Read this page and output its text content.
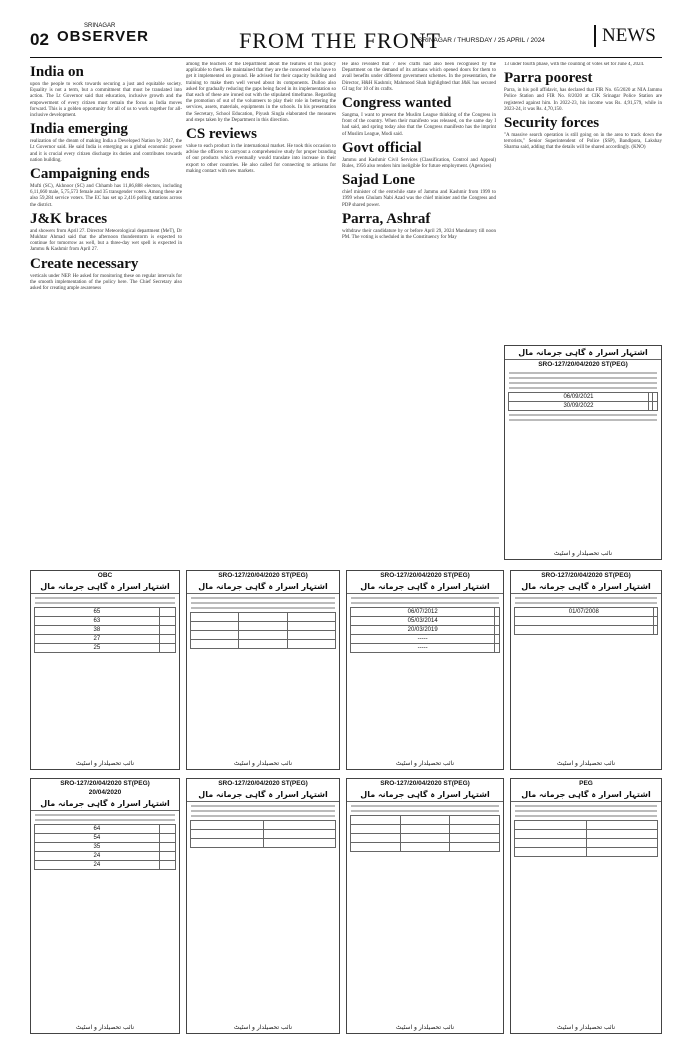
02
SRINAGAR
OBSERVER	FROM THE FRONT
SRINAGAR / THURSDAY / 25 APRIL / 2024	NEWS
India on

upon the people to work towards securing a just and equitable society. Equality is not a term, but a commitment that must be translated into action. The Lt Governor said that education, inclusive growth and the empowerment of every citizen must remain the focus as India moves forward. This is a golden opportunity for all of us to work together for all-inclusive development.

India emerging

realization of the dream of making India a Developed Nation by 2047, the Lt Governor said. He said India is emerging as a global economic power and it is crucial every citizen discharge its duties and contributes towards nation building.

Campaigning ends

Mufti (SC), Akhnoor (SC) and Chhamb has 11,86,888 electors, including 6,11,660 male, 5,75,573 female and 35 transgender voters. Among these are also 59,284 service voters. The EC has set up 2,416 polling stations across the district.

J&K braces

and showers from April 27. Director Meteorological department (MeT), Dr Mukhtar Ahmad said that the afternoon thunderstorm is expected to continue for tomorrow as well, but a three-day wet spell is expected in Jammu & Kashmir from April 27.

Create necessary

verticals under NEP. He asked for monitoring these on regular intervals for the smooth implementation of the policy here. The Chief Secretary also asked for creating ample awareness

among the teachers of the Department about the features of this policy applicable to them. He maintained that they are the concerned who have to get it implemented on ground. He advised for their capacity building and training to make them well versed about its components. Dulloo also asked for gradually reducing the gaps being faced in its implementation so that each of these are ironed out with the stipulated timeframe. Regarding the promotion of out of the volunteers to play their role in bettering the services, assets, materials, equipments in the schools. In his presentation the Secretary, School Education, Piyush Singla elaborated the measures and steps taken by the Department in this direction.

CS reviews

value to each product in the international market. He took this occasion to advise the officers to carryout a comprehensive study for proper branding of our products which eventually would translate into increase in their export to other countries. He also called for connecting to artisans for making contact with new markets.

He also revealed that 7 new crafts had also been recognised by the Department on the demand of its artisans which opened doors for them to avail benefits under different government schemes. In the presentation, the Director, H&H Kashmir, Mahmood Shah highlighted that J&K has secured GI tag for 10 of its crafts.

Congress wanted

Sangma, I want to present the Muslim League thinking of the Congress in front of the country. When their manifesto was released, on the same day I had said, and spring today also that the Congress manifesto has the imprint of Muslim League, Modi said.

Govt official

Jammu and Kashmir Civil Services (Classification, Control and Appeal) Rules, 1956 also renders him ineligible for future employment. (Agencies)

Sajad Lone

chief minister of the erstwhile state of Jammu and Kashmir from 1999 to 1999 when Ghulam Nabi Azad was the chief minister and the Congress and PDP shared power.

Parra, Ashraf

withdraw their candidature by or before April 29, 2024 Mandatory till noon PM. The voting is scheduled in the Constituency for May

13 under fourth phase, with the counting of votes set for June 4, 2024.

Parra poorest

Parra, in his poll affidavit, has declared that FIR No. 65/2020 at NIA Jammu Police Station and FIR No. 8/2020 at CIK Srinagar Police Station are registered against him. In 2022-23, his income was Rs. 4,91,579, while in 2023-24, it was Rs. 4,70,150.

Security forces

"A massive search operation is still going on in the area to track down the terrorists," Senior Superintendent of Police (SSP), Bandipora, Lakshay Sharma said, adding that the details will be shared accordingly. (KNO)

اشتہار اسرار ہ گاہی جرمانہ مال
SRO-127/20/04/2020 ST(PEG)
06/09/2021		
30/09/2022		
نائب تحصیلدار و اسٹیٹ
OBC
اشتہار اسرار ہ گاہی جرمانہ مال
65	
63	
38	
27	
25	
نائب تحصیلدار و اسٹیٹ
SRO-127/20/04/2020 ST(PEG)
اشتہار اسرار ہ گاہی جرمانہ مال

نائب تحصیلدار و اسٹیٹ
SRO-127/20/04/2020 ST(PEG)
اشتہار اسرار ہ گاہی جرمانہ مال
06/07/2012	
05/03/2014	
20/03/2019	
-----	
-----	
نائب تحصیلدار و اسٹیٹ
SRO-127/20/04/2020 ST(PEG)
اشتہار اسرار ہ گاہی جرمانہ مال
01/07/2008	

نائب تحصیلدار و اسٹیٹ
SRO-127/20/04/2020 ST(PEG)
20/04/2020
اشتہار اسرار ہ گاہی جرمانہ مال
64	
54	
35	
24	
24	
نائب تحصیلدار و اسٹیٹ
SRO-127/20/04/2020 ST(PEG)
اشتہار اسرار ہ گاہی جرمانہ مال

نائب تحصیلدار و اسٹیٹ
SRO-127/20/04/2020 ST(PEG)
اشتہار اسرار ہ گاہی جرمانہ مال

نائب تحصیلدار و اسٹیٹ
PEG
اشتہار اسرار ہ گاہی جرمانہ مال

نائب تحصیلدار و اسٹیٹ
